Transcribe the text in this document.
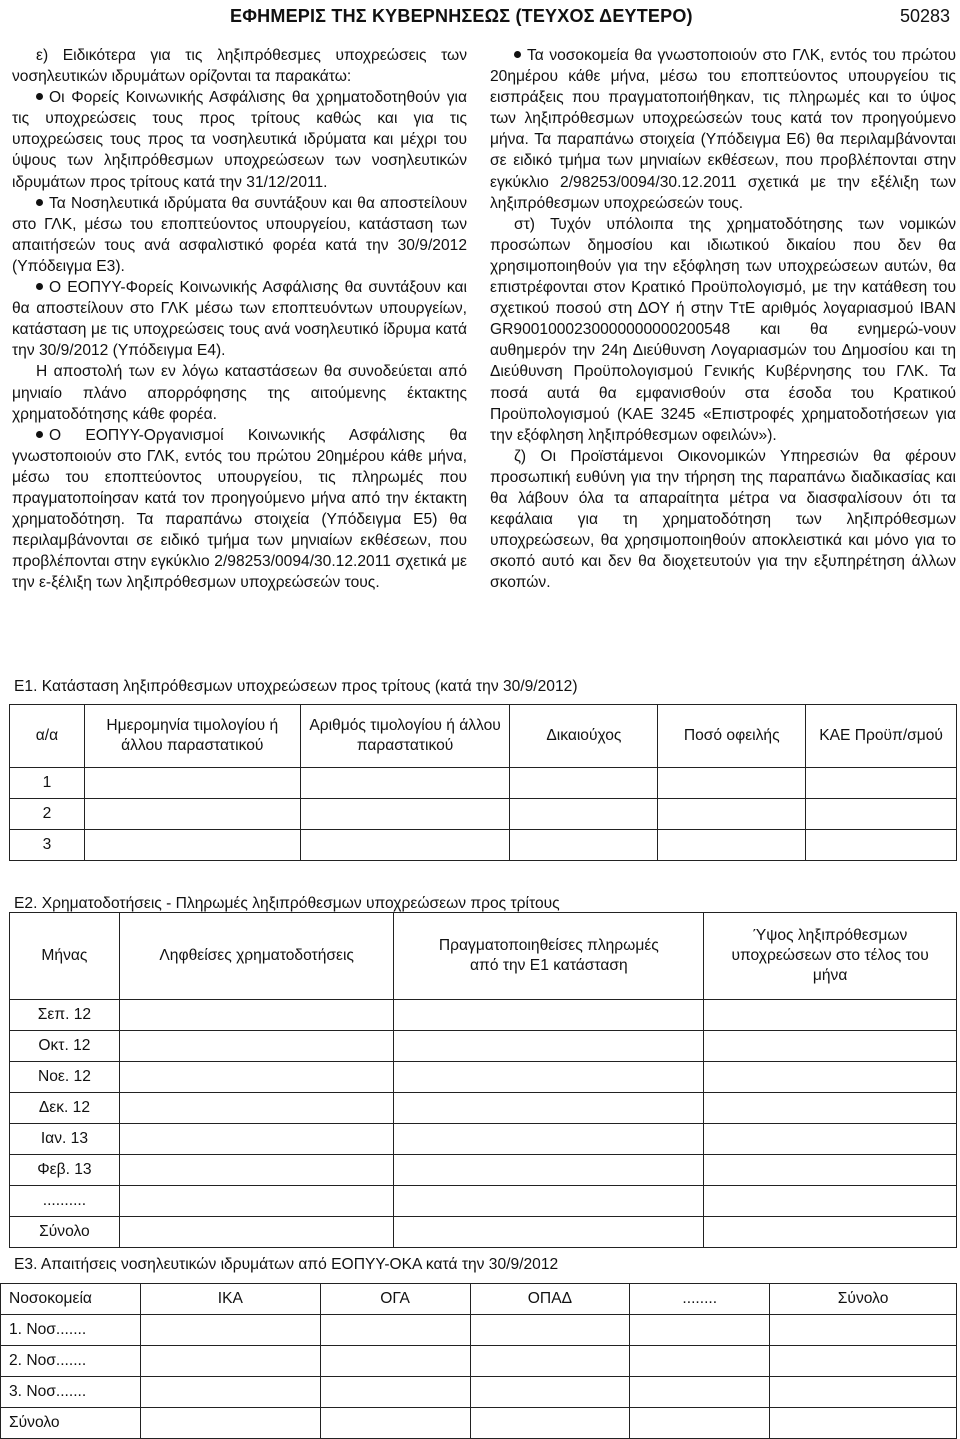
ΕΦΗΜΕΡΙΣ ΤΗΣ ΚΥΒΕΡΝΗΣΕΩΣ (ΤΕΥΧΟΣ ΔΕΥΤΕΡΟ)	50283

ε) Ειδικότερα για τις ληξιπρόθεσμες υποχρεώσεις των νοσηλευτικών ιδρυμάτων ορίζονται τα παρακάτω:

Οι Φορείς Κοινωνικής Ασφάλισης θα χρηματοδοτηθούν για τις υποχρεώσεις τους προς τρίτους καθώς και για τις υποχρεώσεις τους προς τα νοσηλευτικά ιδρύματα και μέχρι του ύψους των ληξιπρόθεσμων υποχρεώσεων των νοσηλευτικών ιδρυμάτων προς τρίτους κατά την 31/12/2011.

Τα Νοσηλευτικά ιδρύματα θα συντάξουν και θα αποστείλουν στο ΓΛΚ, μέσω του εποπτεύοντος υπουργείου, κατάσταση των απαιτήσεών τους ανά ασφαλιστικό φορέα κατά την 30/9/2012 (Υπόδειγμα Ε3).

Ο ΕΟΠΥΥ-Φορείς Κοινωνικής Ασφάλισης θα συντάξουν και θα αποστείλουν στο ΓΛΚ μέσω των εποπτευόντων υπουργείων, κατάσταση με τις υποχρεώσεις τους ανά νοσηλευτικό ίδρυμα κατά την 30/9/2012 (Υπόδειγμα Ε4).

Η αποστολή των εν λόγω καταστάσεων θα συνοδεύεται από μηνιαίο πλάνο απορρόφησης της αιτούμενης έκτακτης χρηματοδότησης κάθε φορέα.

Ο ΕΟΠΥΥ-Οργανισμοί Κοινωνικής Ασφάλισης θα γνωστοποιούν στο ΓΛΚ, εντός του πρώτου 20ημέρου κάθε μήνα, μέσω του εποπτεύοντος υπουργείου, τις πληρωμές που πραγματοποίησαν κατά τον προηγούμενο μήνα από την έκτακτη χρηματοδότηση. Τα παραπάνω στοιχεία (Υπόδειγμα Ε5) θα περιλαμβάνονται σε ειδικό τμήμα των μηνιαίων εκθέσεων, που προβλέπονται στην εγκύκλιο 2/98253/0094/30.12.2011 σχετικά με την ε-ξέλιξη των ληξιπρόθεσμων υποχρεώσεών τους.

Τα νοσοκομεία θα γνωστοποιούν στο ΓΛΚ, εντός του πρώτου 20ημέρου κάθε μήνα, μέσω του εποπτεύοντος υπουργείου τις εισπράξεις που πραγματοποιήθηκαν, τις πληρωμές και το ύψος των ληξιπρόθεσμων υποχρεώσεών τους κατά τον προηγούμενο μήνα. Τα παραπάνω στοιχεία (Υπόδειγμα Ε6) θα περιλαμβάνονται σε ειδικό τμήμα των μηνιαίων εκθέσεων, που προβλέπονται στην εγκύκλιο 2/98253/0094/30.12.2011 σχετικά με την εξέλιξη των ληξιπρόθεσμων υποχρεώσεών τους.

στ) Τυχόν υπόλοιπα της χρηματοδότησης των νομικών προσώπων δημοσίου και ιδιωτικού δικαίου που δεν θα χρησιμοποιηθούν για την εξόφληση των υποχρεώσεων αυτών, θα επιστρέφονται στον Κρατικό Προϋπολογισμό, με την κατάθεση του σχετικού ποσού στη ΔΟΥ ή στην ΤτΕ αριθμός λογαριασμού IBAN GR9001000230000000000200548 και θα ενημερώ-νουν αυθημερόν την 24η Διεύθυνση Λογαριασμών του Δημοσίου και τη Διεύθυνση Προϋπολογισμού Γενικής Κυβέρνησης του ΓΛΚ. Τα ποσά αυτά θα εμφανισθούν στα έσοδα του Κρατικού Προϋπολογισμού (ΚΑΕ 3245 «Επιστροφές χρηματοδοτήσεων για την εξόφληση ληξιπρόθεσμων οφειλών»).

ζ) Οι Προϊστάμενοι Οικονομικών Υπηρεσιών θα φέρουν προσωπική ευθύνη για την τήρηση της παραπάνω διαδικασίας και θα λάβουν όλα τα απαραίτητα μέτρα να διασφαλίσουν ότι τα κεφάλαια για τη χρηματοδότηση των ληξιπρόθεσμων υποχρεώσεων, θα χρησιμοποιηθούν αποκλειστικά και μόνο για το σκοπό αυτό και δεν θα διοχετευτούν για την εξυπηρέτηση άλλων σκοπών.

Ε1. Κατάσταση ληξιπρόθεσμων υποχρεώσεων προς τρίτους (κατά την 30/9/2012)
α/α	Ημερομηνία τιμολογίου ή άλλου παραστατικού	Αριθμός τιμολογίου ή άλλου παραστατικού	Δικαιούχος	Ποσό οφειλής	ΚΑΕ Προϋπ/σμού
1					
2					
3					
Ε2. Χρηματοδοτήσεις - Πληρωμές ληξιπρόθεσμων υποχρεώσεων προς τρίτους
Μήνας	Ληφθείσες χρηματοδοτήσεις	Πραγματοποιηθείσες πληρωμές από την Ε1 κατάσταση	Ύψος ληξιπρόθεσμων υποχρεώσεων στο τέλος του μήνα
Σεπ. 12			
Οκτ. 12			
Νοε. 12			
Δεκ. 12			
Ιαν. 13			
Φεβ. 13			
..........			
Σύνολο			
Ε3. Απαιτήσεις νοσηλευτικών ιδρυμάτων από ΕΟΠΥΥ-ΟΚΑ κατά την 30/9/2012
Νοσοκομεία	ΙΚΑ	ΟΓΑ	ΟΠΑΔ	........	Σύνολο
1. Νοσ.......					
2. Νοσ.......					
3. Νοσ.......					
Σύνολο					
